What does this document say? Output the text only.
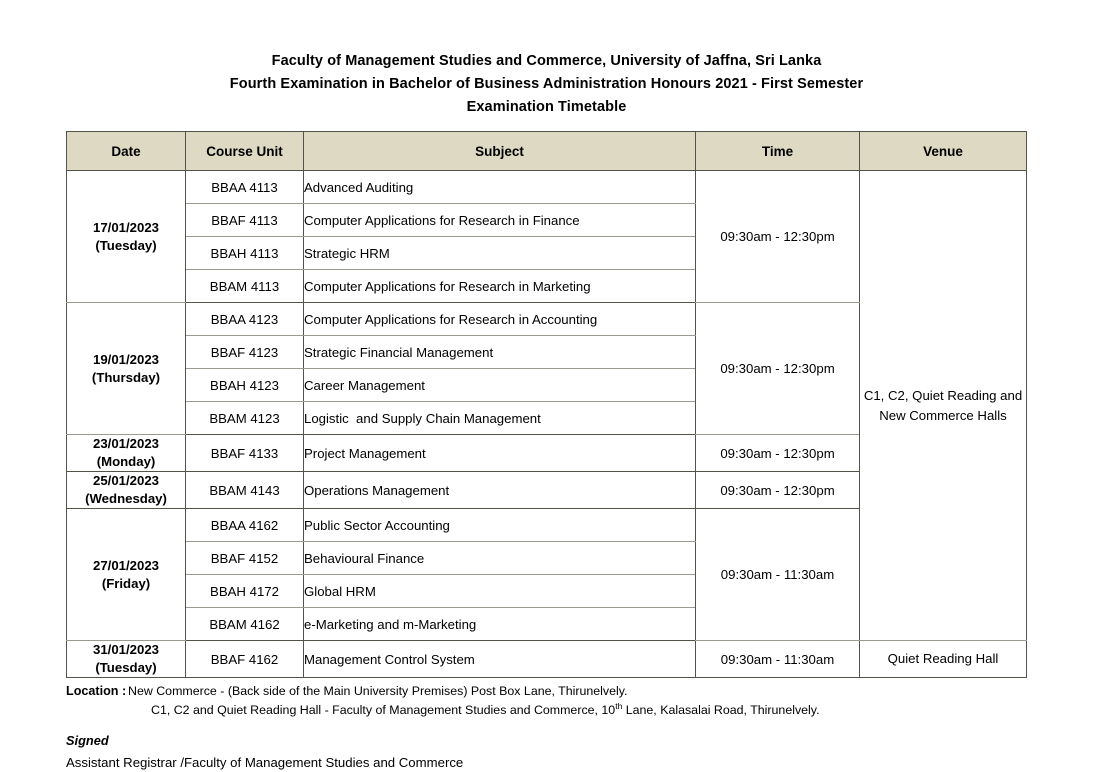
Faculty of Management Studies and Commerce, University of Jaffna, Sri Lanka
Fourth Examination in Bachelor of Business Administration Honours 2021 - First Semester
Examination Timetable
Date	Course Unit	Subject	Time	Venue

17/01/2023
(Tuesday)	BBAA 4113	Advanced Auditing	09:30am - 12:30pm	C1, C2, Quiet Reading and New Commerce Halls
	BBAF 4113	Computer Applications for Research in Finance		
	BBAH 4113	Strategic HRM		
	BBAM 4113	Computer Applications for Research in Marketing		

19/01/2023
(Thursday)	BBAA 4123	Computer Applications for Research in Accounting	09:30am - 12:30pm	
	BBAF 4123	Strategic Financial Management		
	BBAH 4123	Career Management		
	BBAM 4123	Logistic  and Supply Chain Management		

23/01/2023
(Monday)	BBAF 4133	Project Management	09:30am - 12:30pm	

25/01/2023
(Wednesday)	BBAM 4143	Operations Management	09:30am - 12:30pm	

27/01/2023
(Friday)	BBAA 4162	Public Sector Accounting	09:30am - 11:30am	
	BBAF 4152	Behavioural Finance		
	BBAH 4172	Global HRM		
	BBAM 4162	e-Marketing and m-Marketing		

31/01/2023
(Tuesday)	BBAF 4162	Management Control System	09:30am - 11:30am	Quiet Reading Hall
Location : New Commerce - (Back side of the Main University Premises) Post Box Lane, Thirunelvely.
C1, C2 and Quiet Reading Hall - Faculty of Management Studies and Commerce, 10th Lane, Kalasalai Road, Thirunelvely.
Signed
Assistant Registrar /Faculty of Management Studies and Commerce
